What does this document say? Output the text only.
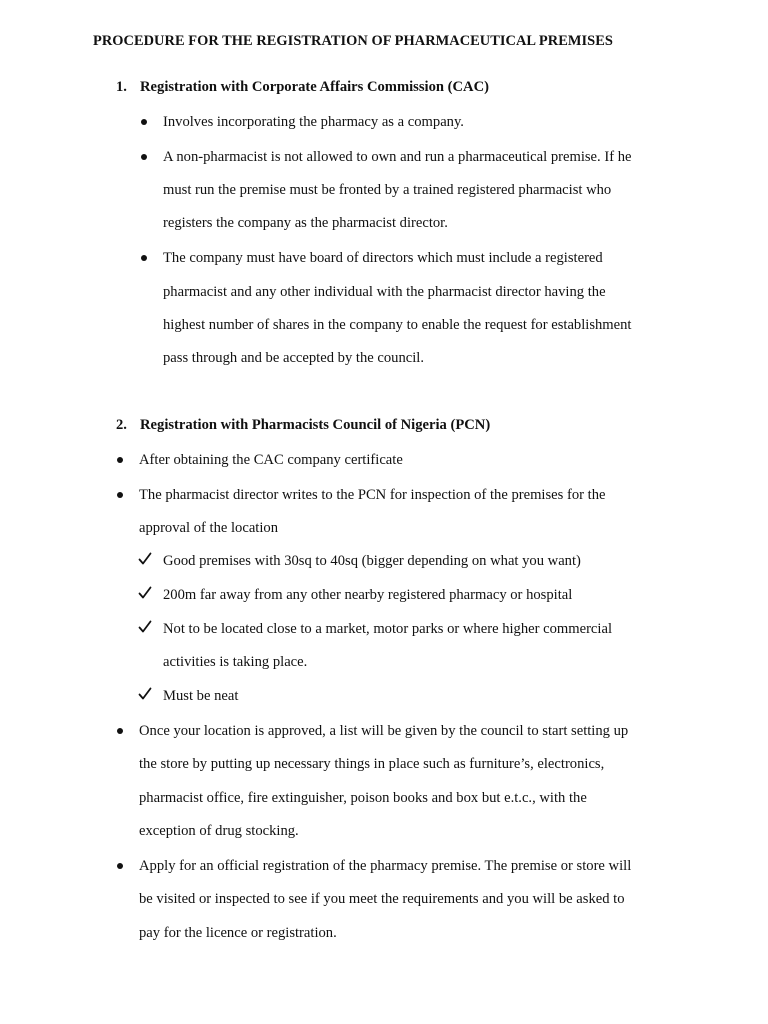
PROCEDURE FOR THE REGISTRATION OF PHARMACEUTICAL PREMISES
1. Registration with Corporate Affairs Commission (CAC)
Involves incorporating the pharmacy as a company.
A non-pharmacist is not allowed to own and run a pharmaceutical premise. If he
must run the premise must be fronted by a trained registered pharmacist who
registers the company as the pharmacist director.
The company must have board of directors which must include a registered
pharmacist and any other individual with the pharmacist director having the
highest number of shares in the company to enable the request for establishment
pass through and be accepted by the council.
2. Registration with Pharmacists Council of Nigeria (PCN)
After obtaining the CAC company certificate
The pharmacist director writes to the PCN for inspection of the premises for the
approval of the location
Good premises with 30sq to 40sq (bigger depending on what you want)
200m far away from any other nearby registered pharmacy or hospital
Not to be located close to a market, motor parks or where higher commercial
activities is taking place.
Must be neat
Once your location is approved, a list will be given by the council to start setting up
the store by putting up necessary things in place such as furniture’s, electronics,
pharmacist office, fire extinguisher, poison books and box but e.t.c., with the
exception of drug stocking.
Apply for an official registration of the pharmacy premise. The premise or store will
be visited or inspected to see if you meet the requirements and you will be asked to
pay for the licence or registration.
